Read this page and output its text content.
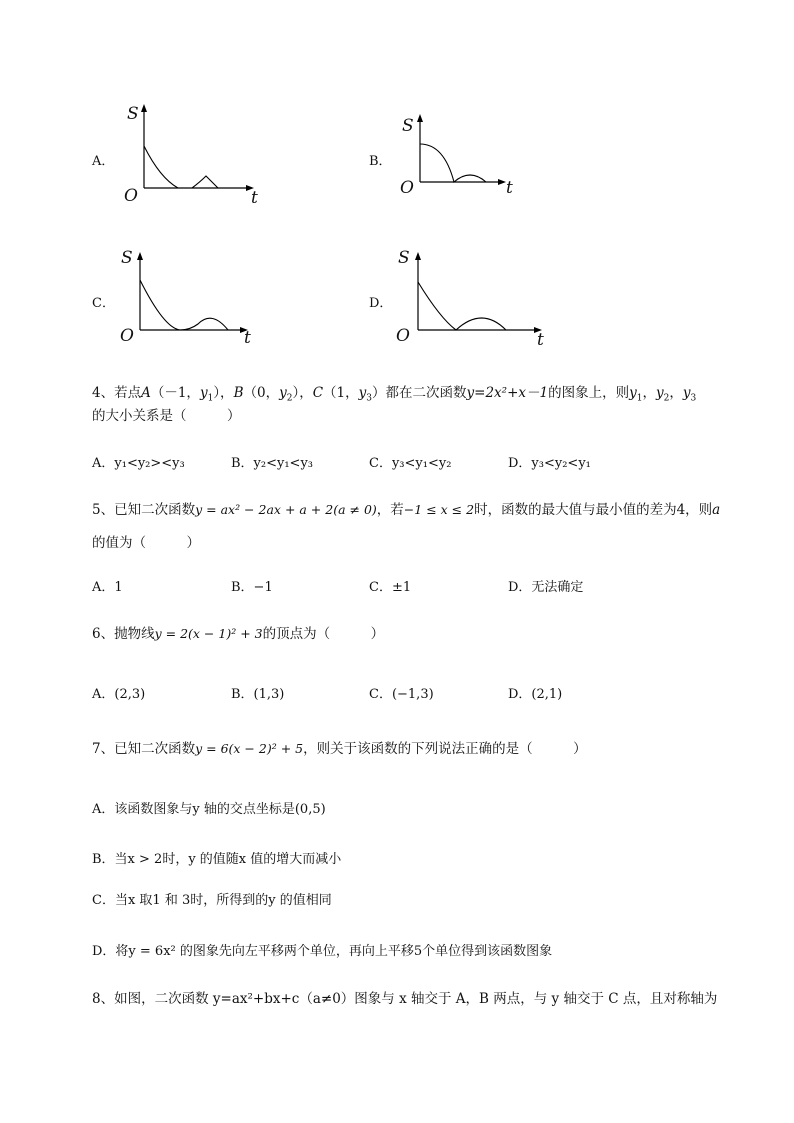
A．	B．
C．	D．
S
O	t
S
O	t
S
O	t
S
O	t
4、若点A（－1，$y_1$），B（0，$y_2$），C（1，$y_3$）都在二次函数y=2x²+x－1的图象上，则$y_1$，$y_2$，$y_3$
的大小关系是（　　　）
A．y₁<y₂><y₃	B．y₂<y₁<y₃	C．y₃<y₁<y₂	D．y₃<y₂<y₁
5、已知二次函数y = ax² − 2ax + a + 2(a ≠ 0)，若−1 ≤ x ≤ 2时，函数的最大值与最小值的差为4，则a
的值为（　　　）
A．1	B．−1	C．±1	D．无法确定
6、抛物线y = 2(x − 1)² + 3的顶点为（　　　）
A．(2,3)	B．(1,3)	C．(−1,3)	D．(2,1)
7、已知二次函数y = 6(x − 2)² + 5，则关于该函数的下列说法正确的是（　　　）
A．该函数图象与y 轴的交点坐标是(0,5)
B．当x > 2时，y 的值随x 值的增大而减小
C．当x 取1 和 3时，所得到的y 的值相同
D．将y = 6x² 的图象先向左平移两个单位，再向上平移5个单位得到该函数图象
8、如图，二次函数 y=ax²+bx+c（a≠0）图象与 x 轴交于 A，B 两点，与 y 轴交于 C 点，且对称轴为
